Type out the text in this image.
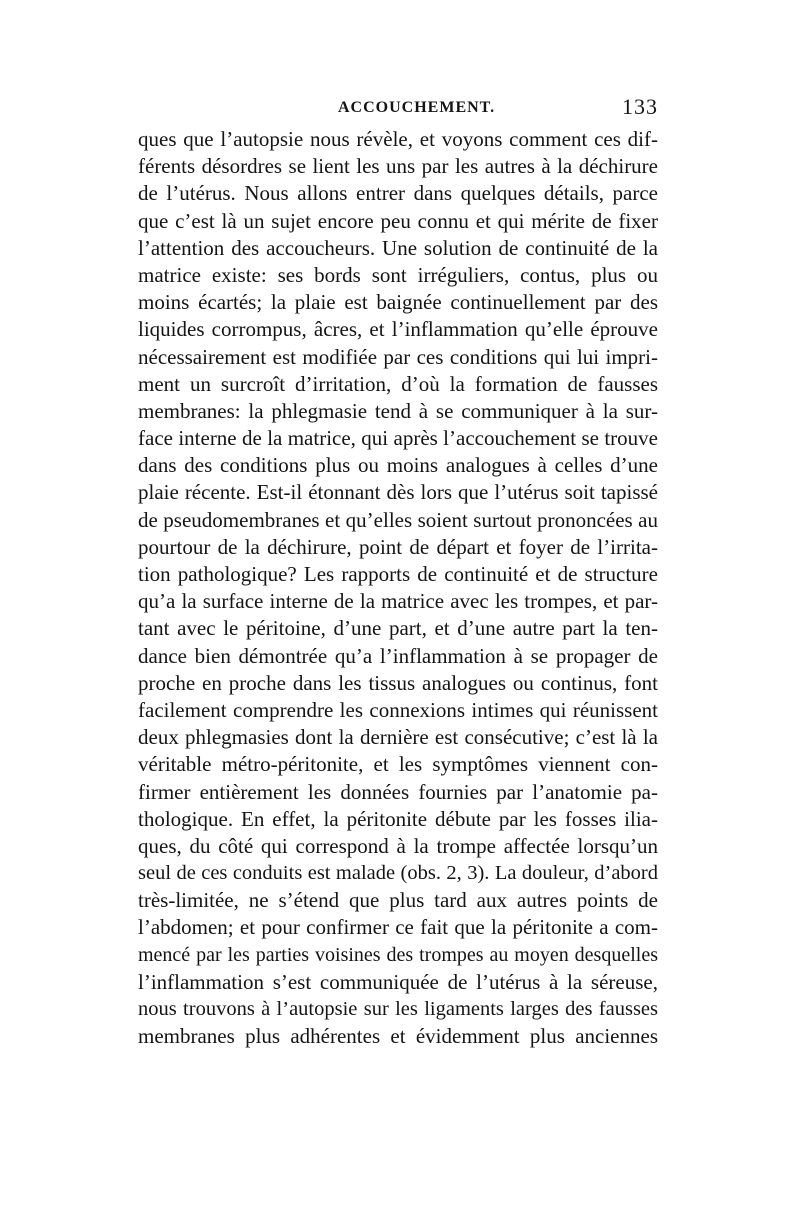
ACCOUCHEMENT.	133
ques que l’autopsie nous révèle, et voyons comment ces dif-
férents désordres se lient les uns par les autres à la déchirure
de l’utérus. Nous allons entrer dans quelques détails, parce
que c’est là un sujet encore peu connu et qui mérite de fixer
l’attention des accoucheurs. Une solution de continuité de la
matrice existe: ses bords sont irréguliers, contus, plus ou
moins écartés; la plaie est baignée continuellement par des
liquides corrompus, âcres, et l’inflammation qu’elle éprouve
nécessairement est modifiée par ces conditions qui lui impri-
ment un surcroît d’irritation, d’où la formation de fausses
membranes: la phlegmasie tend à se communiquer à la sur-
face interne de la matrice, qui après l’accouchement se trouve
dans des conditions plus ou moins analogues à celles d’une
plaie récente. Est-il étonnant dès lors que l’utérus soit tapissé
de pseudomembranes et qu’elles soient surtout prononcées au
pourtour de la déchirure, point de départ et foyer de l’irrita-
tion pathologique? Les rapports de continuité et de structure
qu’a la surface interne de la matrice avec les trompes, et par-
tant avec le péritoine, d’une part, et d’une autre part la ten-
dance bien démontrée qu’a l’inflammation à se propager de
proche en proche dans les tissus analogues ou continus, font
facilement comprendre les connexions intimes qui réunissent
deux phlegmasies dont la dernière est consécutive; c’est là la
véritable métro-péritonite, et les symptômes viennent con-
firmer entièrement les données fournies par l’anatomie pa-
thologique. En effet, la péritonite débute par les fosses ilia-
ques, du côté qui correspond à la trompe affectée lorsqu’un
seul de ces conduits est malade (obs. 2, 3). La douleur, d’abord
très-limitée, ne s’étend que plus tard aux autres points de
l’abdomen; et pour confirmer ce fait que la péritonite a com-
mencé par les parties voisines des trompes au moyen desquelles
l’inflammation s’est communiquée de l’utérus à la séreuse,
nous trouvons à l’autopsie sur les ligaments larges des fausses
membranes plus adhérentes et évidemment plus anciennes
